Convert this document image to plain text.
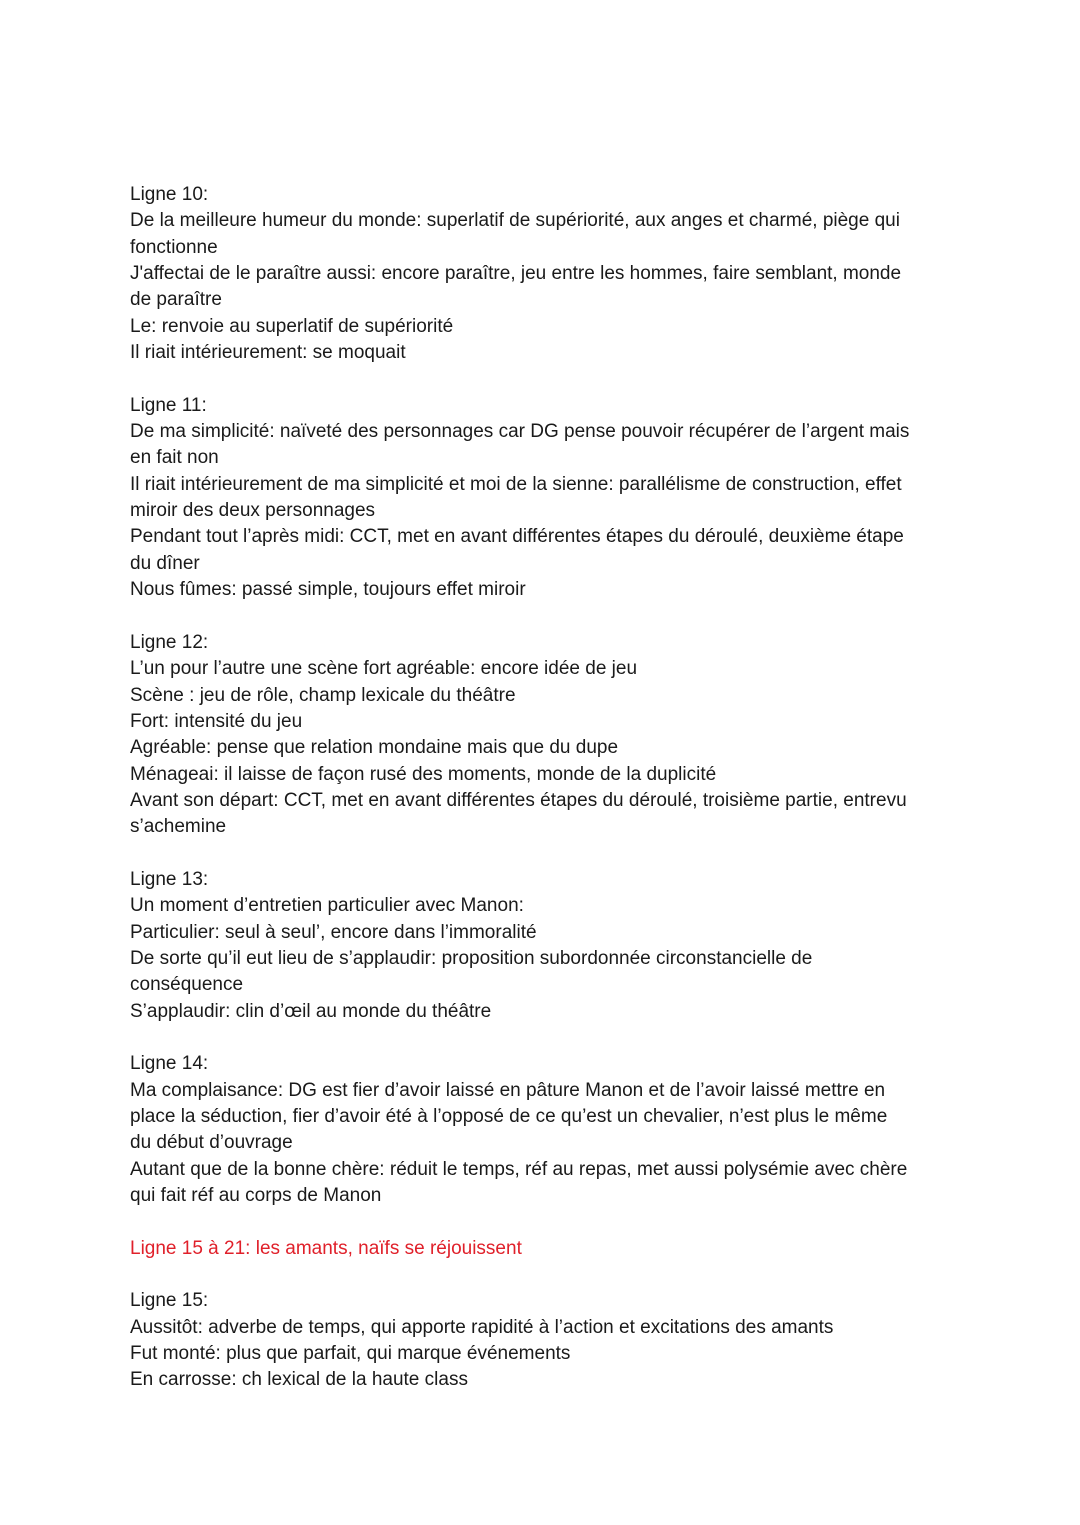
Ligne 10:
De la meilleure humeur du monde: superlatif de supériorité, aux anges et charmé, piège qui
fonctionne
J'affectai de le paraître aussi: encore paraître, jeu entre les hommes, faire semblant, monde
de paraître
Le: renvoie au superlatif de supériorité
Il riait intérieurement: se moquait
Ligne 11:
De ma simplicité: naïveté des personnages car DG pense pouvoir récupérer de l’argent mais
en fait non
Il riait intérieurement de ma simplicité et moi de la sienne: parallélisme de construction, effet
miroir des deux personnages
Pendant tout l’après midi: CCT, met en avant différentes étapes du déroulé, deuxième étape
du dîner
Nous fûmes: passé simple, toujours effet miroir
Ligne 12:
L’un pour l’autre une scène fort agréable: encore idée de jeu
Scène : jeu de rôle, champ lexicale du théâtre
Fort: intensité du jeu
Agréable: pense que relation mondaine mais que du dupe
Ménageai: il laisse de façon rusé des moments, monde de la duplicité
Avant son départ: CCT, met en avant différentes étapes du déroulé, troisième partie, entrevu
s’achemine
Ligne 13:
Un moment d’entretien particulier avec Manon:
Particulier: seul à seul’, encore dans l’immoralité
De sorte qu’il eut lieu de s’applaudir: proposition subordonnée circonstancielle de
conséquence
S’applaudir: clin d’œil au monde du théâtre
Ligne 14:
Ma complaisance: DG est fier d’avoir laissé en pâture Manon et de l’avoir laissé mettre en
place la séduction, fier d’avoir été à l’opposé de ce qu’est un chevalier, n’est plus le même
du début d’ouvrage
Autant que de la bonne chère: réduit le temps, réf au repas, met aussi polysémie avec chère
qui fait réf au corps de Manon
Ligne 15 à 21: les amants, naïfs se réjouissent
Ligne 15:
Aussitôt: adverbe de temps, qui apporte rapidité à l’action et excitations des amants
Fut monté: plus que parfait, qui marque événements
En carrosse: ch lexical de la haute class
